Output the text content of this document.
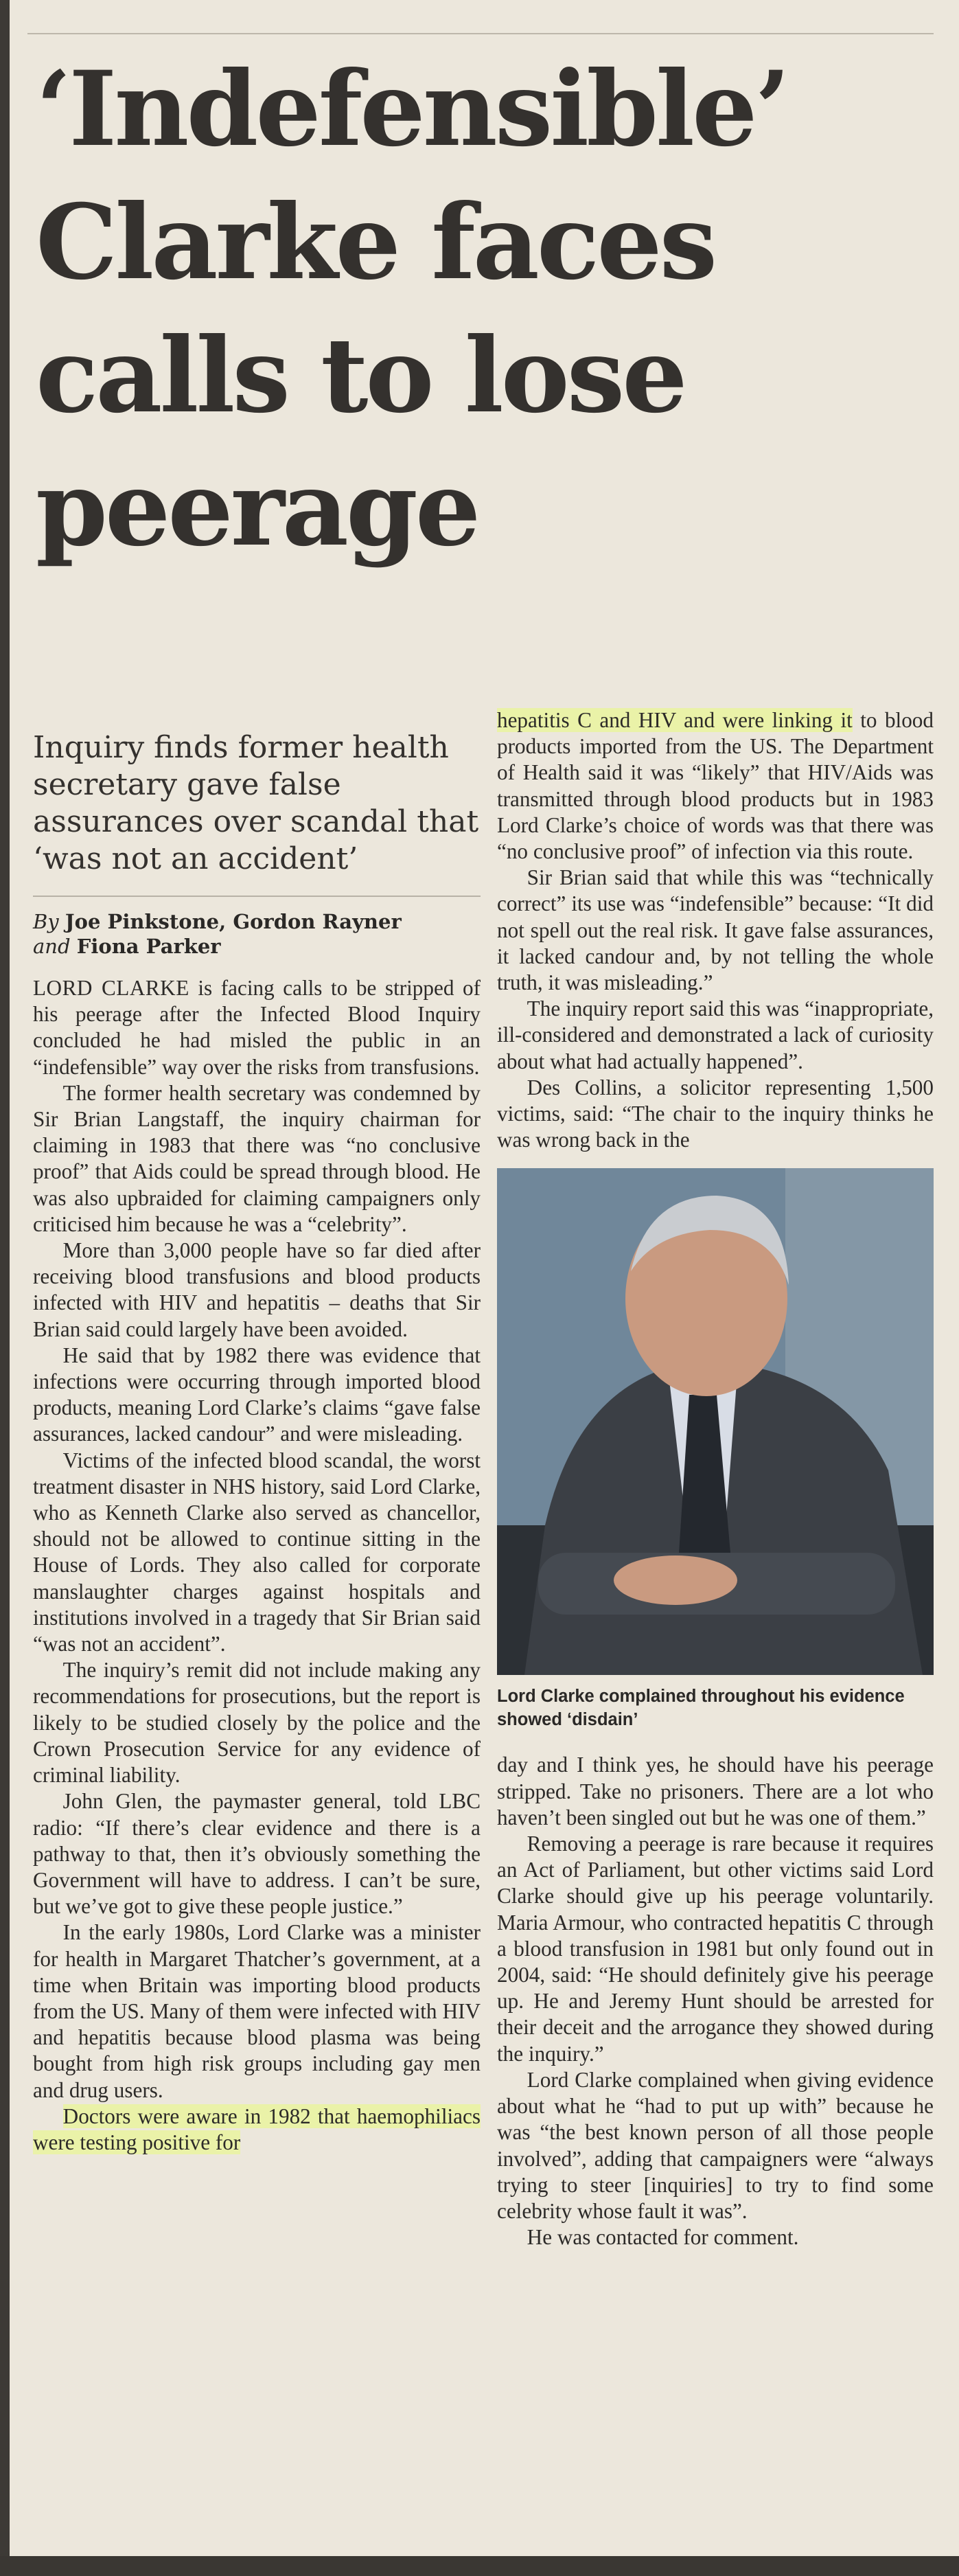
‘Indefensible’ Clarke faces calls to lose peerage

Inquiry finds former health secretary gave false assurances over scandal that ‘was not an accident’

By Joe Pinkstone, Gordon Rayner
and Fiona Parker

LORD CLARKE is facing calls to be stripped of his peerage after the Infected Blood Inquiry concluded he had misled the public in an “indefensible” way over the risks from transfusions.

The former health secretary was condemned by Sir Brian Langstaff, the inquiry chairman for claiming in 1983 that there was “no conclusive proof” that Aids could be spread through blood. He was also upbraided for claiming campaigners only criticised him because he was a “celebrity”.

More than 3,000 people have so far died after receiving blood transfusions and blood products infected with HIV and hepatitis – deaths that Sir Brian said could largely have been avoided.

He said that by 1982 there was evidence that infections were occurring through imported blood products, meaning Lord Clarke’s claims “gave false assurances, lacked candour” and were misleading.

Victims of the infected blood scandal, the worst treatment disaster in NHS history, said Lord Clarke, who as Kenneth Clarke also served as chancellor, should not be allowed to continue sitting in the House of Lords. They also called for corporate manslaughter charges against hospitals and institutions involved in a tragedy that Sir Brian said “was not an accident”.

The inquiry’s remit did not include making any recommendations for prosecutions, but the report is likely to be studied closely by the police and the Crown Prosecution Service for any evidence of criminal liability.

John Glen, the paymaster general, told LBC radio: “If there’s clear evidence and there is a pathway to that, then it’s obviously something the Government will have to address. I can’t be sure, but we’ve got to give these people justice.”

In the early 1980s, Lord Clarke was a minister for health in Margaret Thatcher’s government, at a time when Britain was importing blood products from the US. Many of them were infected with HIV and hepatitis because blood plasma was being bought from high risk groups including gay men and drug users.

Doctors were aware in 1982 that haemophiliacs were testing positive for

hepatitis C and HIV and were linking it to blood products imported from the US. The Department of Health said it was “likely” that HIV/Aids was transmitted through blood products but in 1983 Lord Clarke’s choice of words was that there was “no conclusive proof” of infection via this route.

Sir Brian said that while this was “technically correct” its use was “indefensible” because: “It did not spell out the real risk. It gave false assurances, it lacked candour and, by not telling the whole truth, it was misleading.”

The inquiry report said this was “inappropriate, ill-considered and demonstrated a lack of curiosity about what had actually happened”.

Des Collins, a solicitor representing 1,500 victims, said: “The chair to the inquiry thinks he was wrong back in the

Lord Clarke complained throughout his evidence showed ‘disdain’

day and I think yes, he should have his peerage stripped. Take no prisoners. There are a lot who haven’t been singled out but he was one of them.”

Removing a peerage is rare because it requires an Act of Parliament, but other victims said Lord Clarke should give up his peerage voluntarily. Maria Armour, who contracted hepatitis C through a blood transfusion in 1981 but only found out in 2004, said: “He should definitely give his peerage up. He and Jeremy Hunt should be arrested for their deceit and the arrogance they showed during the inquiry.”

Lord Clarke complained when giving evidence about what he “had to put up with” because he was “the best known person of all those people involved”, adding that campaigners were “always trying to steer [inquiries] to try to find some celebrity whose fault it was”.

He was contacted for comment.
